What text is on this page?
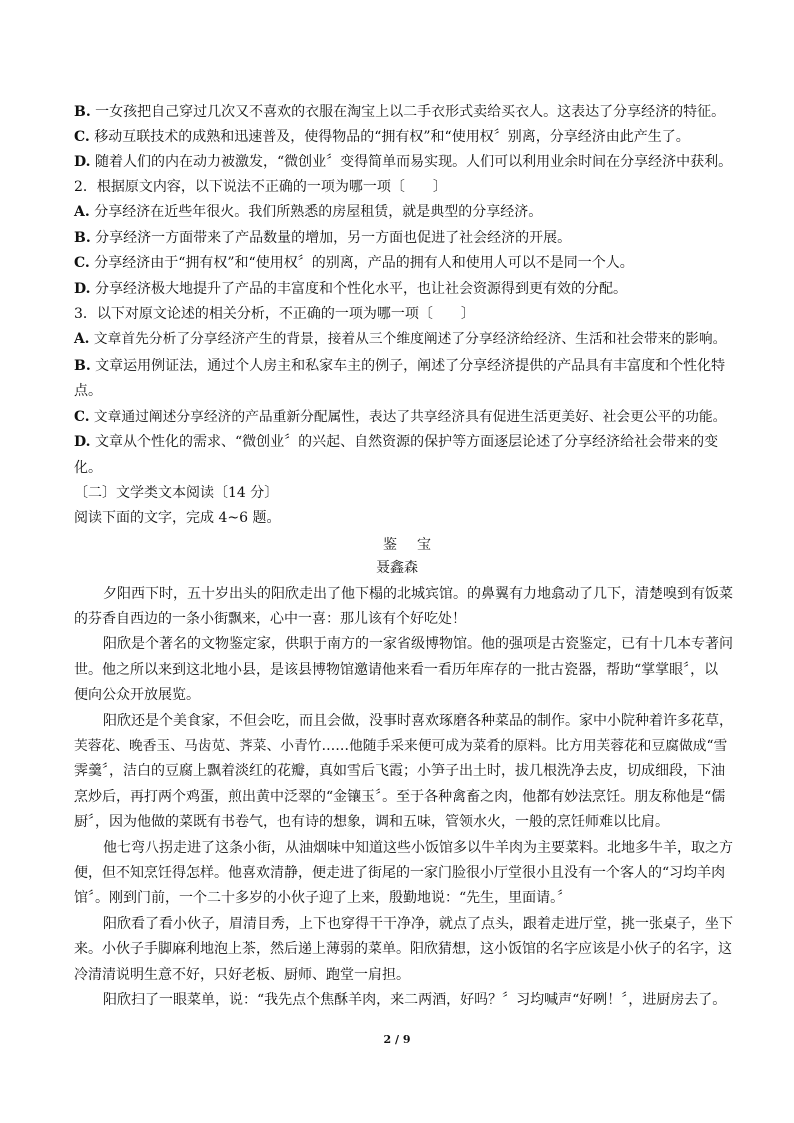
B. 一女孩把自己穿过几次又不喜欢的衣服在淘宝上以二手衣形式卖给买衣人。这表达了分享经济的特征。
C. 移动互联技术的成熟和迅速普及，使得物品的“拥有权”和“使用权〞别离，分享经济由此产生了。
D. 随着人们的内在动力被激发，“微创业〞变得简单而易实现。人们可以利用业余时间在分享经济中获利。
2．根据原文内容，以下说法不正确的一项为哪一项〔　　〕
A. 分享经济在近些年很火。我们所熟悉的房屋租赁，就是典型的分享经济。
B. 分享经济一方面带来了产品数量的增加，另一方面也促进了社会经济的开展。
C. 分享经济由于“拥有权”和“使用权〞的别离，产品的拥有人和使用人可以不是同一个人。
D. 分享经济极大地提升了产品的丰富度和个性化水平，也让社会资源得到更有效的分配。
3．以下对原文论述的相关分析，不正确的一项为哪一项〔　　〕
A. 文章首先分析了分享经济产生的背景，接着从三个维度阐述了分享经济给经济、生活和社会带来的影响。
B. 文章运用例证法，通过个人房主和私家车主的例子，阐述了分享经济提供的产品具有丰富度和个性化特
点。
C. 文章通过阐述分享经济的产品重新分配属性，表达了共享经济具有促进生活更美好、社会更公平的功能。
D. 文章从个性化的需求、“微创业〞的兴起、自然资源的保护等方面逐层论述了分享经济给社会带来的变
化。
〔二〕文学类文本阅读〔14 分〕
阅读下面的文字，完成 4~6 题。
鉴宝
聂鑫森
夕阳西下时，五十岁出头的阳欣走出了他下榻的北城宾馆。的鼻翼有力地翕动了几下，清楚嗅到有饭菜
的芬香自西边的一条小街飘来，心中一喜：那儿该有个好吃处！
阳欣是个著名的文物鉴定家，供职于南方的一家省级博物馆。他的强项是古瓷鉴定，已有十几本专著问
世。他之所以来到这北地小县，是该县博物馆邀请他来看一看历年库存的一批古瓷器，帮助“掌掌眼〞，以
便向公众开放展览。
阳欣还是个美食家，不但会吃，而且会做，没事时喜欢琢磨各种菜品的制作。家中小院种着许多花草，
芙蓉花、晚香玉、马齿苋、荠菜、小青竹……他随手采来便可成为菜肴的原料。比方用芙蓉花和豆腐做成“雪
霁羹〞，洁白的豆腐上飘着淡红的花瓣，真如雪后飞霞；小笋子出土时，拔几根洗净去皮，切成细段，下油
烹炒后，再打两个鸡蛋，煎出黄中泛翠的“金镶玉〞。至于各种禽畜之肉，他都有妙法烹饪。朋友称他是“儒
厨〞，因为他做的菜既有书卷气，也有诗的想象，调和五味，管领水火，一般的烹饪师难以比肩。
他七弯八拐走进了这条小街，从油烟味中知道这些小饭馆多以牛羊肉为主要菜料。北地多牛羊，取之方
便，但不知烹饪得怎样。他喜欢清静，便走进了街尾的一家门脸很小厅堂很小且没有一个客人的“习均羊肉
馆〞。刚到门前，一个二十多岁的小伙子迎了上来，殷勤地说：“先生，里面请。〞
阳欣看了看小伙子，眉清目秀，上下也穿得干干净净，就点了点头，跟着走进厅堂，挑一张桌子，坐下
来。小伙子手脚麻利地泡上茶，然后递上薄弱的菜单。阳欣猜想，这小饭馆的名字应该是小伙子的名字，这
冷清清说明生意不好，只好老板、厨师、跑堂一肩担。
阳欣扫了一眼菜单，说：“我先点个焦酥羊肉，来二两酒，好吗？〞习均喊声“好咧！〞，进厨房去了。
2 / 9
